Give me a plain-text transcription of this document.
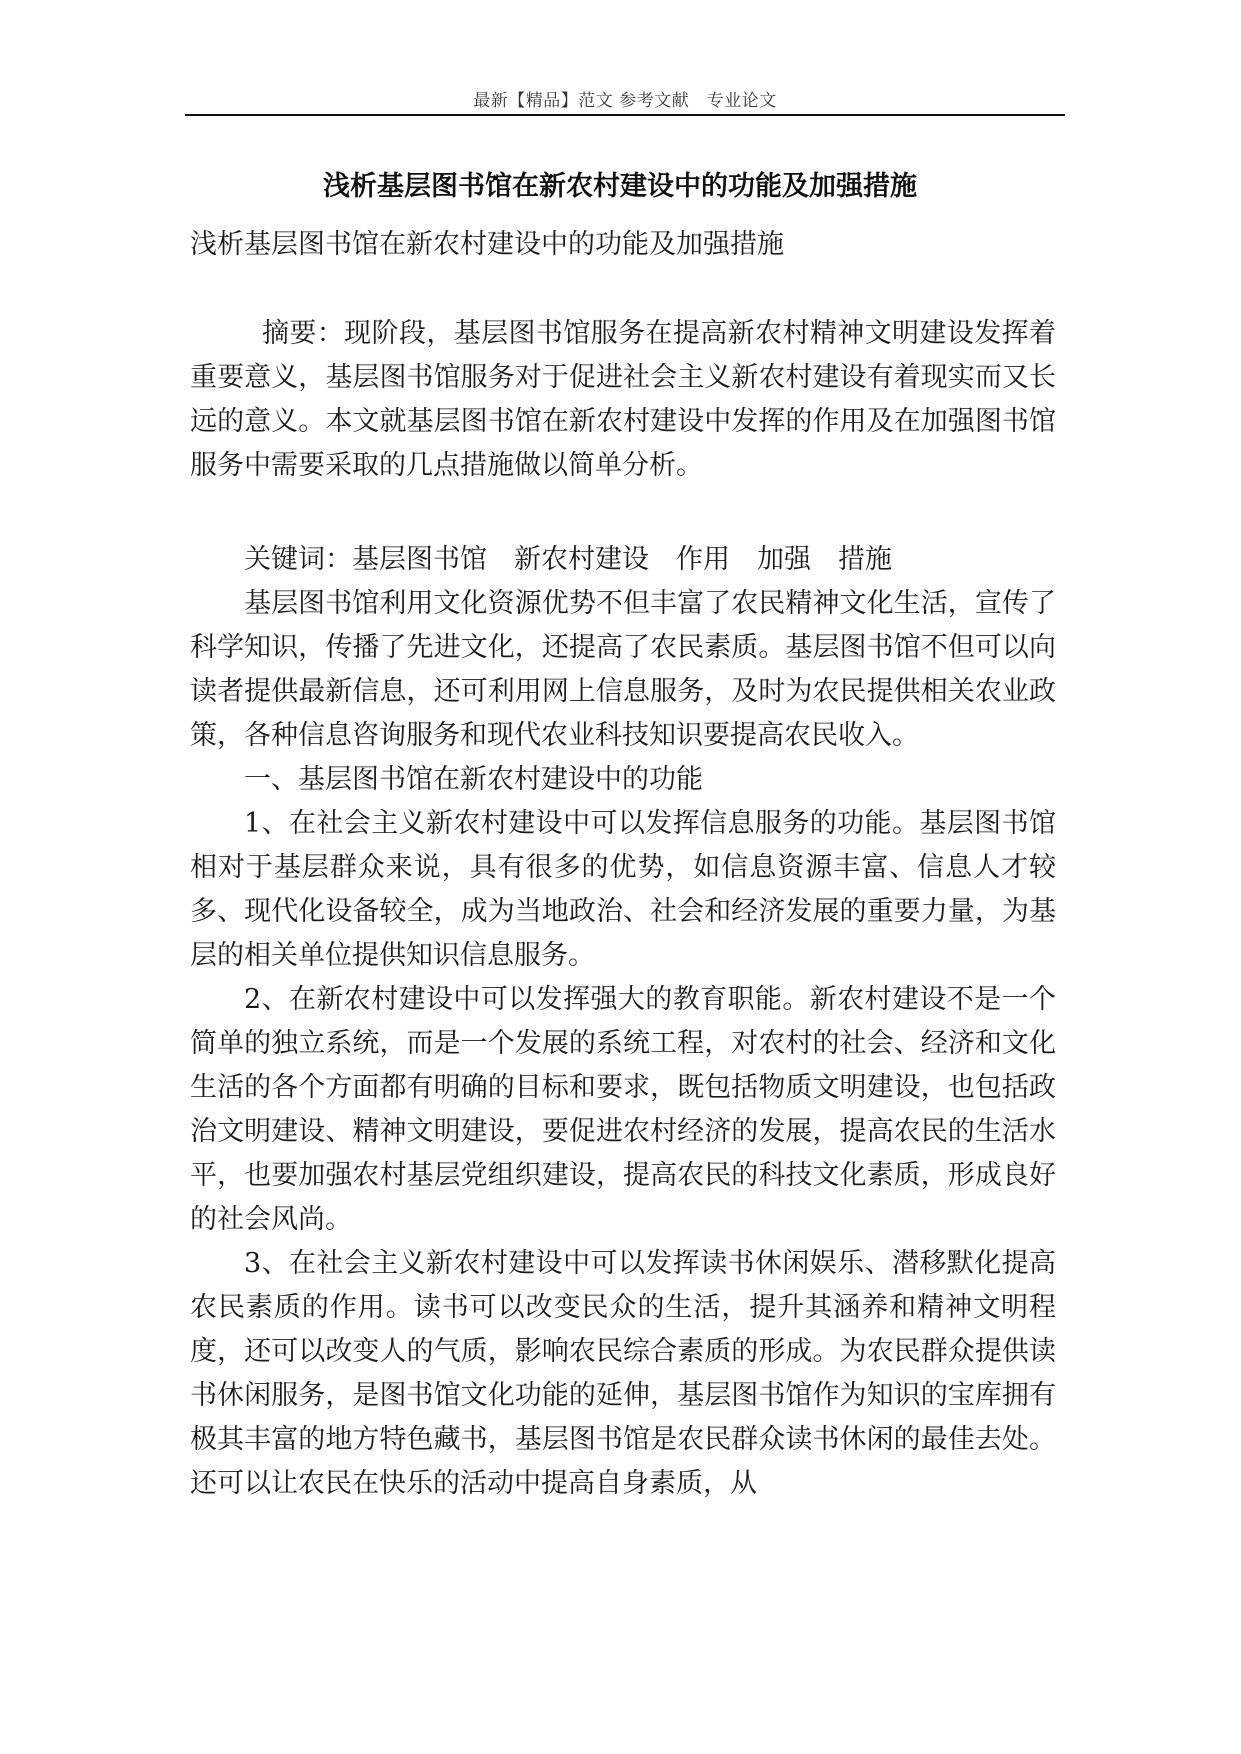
最新【精品】范文 参考文献　专业论文
浅析基层图书馆在新农村建设中的功能及加强措施
浅析基层图书馆在新农村建设中的功能及加强措施

摘要：现阶段，基层图书馆服务在提高新农村精神文明建设发挥着重要意义，基层图书馆服务对于促进社会主义新农村建设有着现实而又长远的意义。本文就基层图书馆在新农村建设中发挥的作用及在加强图书馆服务中需要采取的几点措施做以简单分析。

关键词：基层图书馆　新农村建设　作用　加强　措施

基层图书馆利用文化资源优势不但丰富了农民精神文化生活，宣传了科学知识，传播了先进文化，还提高了农民素质。基层图书馆不但可以向读者提供最新信息，还可利用网上信息服务，及时为农民提供相关农业政策，各种信息咨询服务和现代农业科技知识要提高农民收入。

一、基层图书馆在新农村建设中的功能

1、在社会主义新农村建设中可以发挥信息服务的功能。基层图书馆相对于基层群众来说，具有很多的优势，如信息资源丰富、信息人才较多、现代化设备较全，成为当地政治、社会和经济发展的重要力量，为基层的相关单位提供知识信息服务。

2、在新农村建设中可以发挥强大的教育职能。新农村建设不是一个简单的独立系统，而是一个发展的系统工程，对农村的社会、经济和文化生活的各个方面都有明确的目标和要求，既包括物质文明建设，也包括政治文明建设、精神文明建设，要促进农村经济的发展，提高农民的生活水平，也要加强农村基层党组织建设，提高农民的科技文化素质，形成良好的社会风尚。

3、在社会主义新农村建设中可以发挥读书休闲娱乐、潜移默化提高农民素质的作用。读书可以改变民众的生活，提升其涵养和精神文明程度，还可以改变人的气质，影响农民综合素质的形成。为农民群众提供读书休闲服务，是图书馆文化功能的延伸，基层图书馆作为知识的宝库拥有极其丰富的地方特色藏书，基层图书馆是农民群众读书休闲的最佳去处。还可以让农民在快乐的活动中提高自身素质，从
